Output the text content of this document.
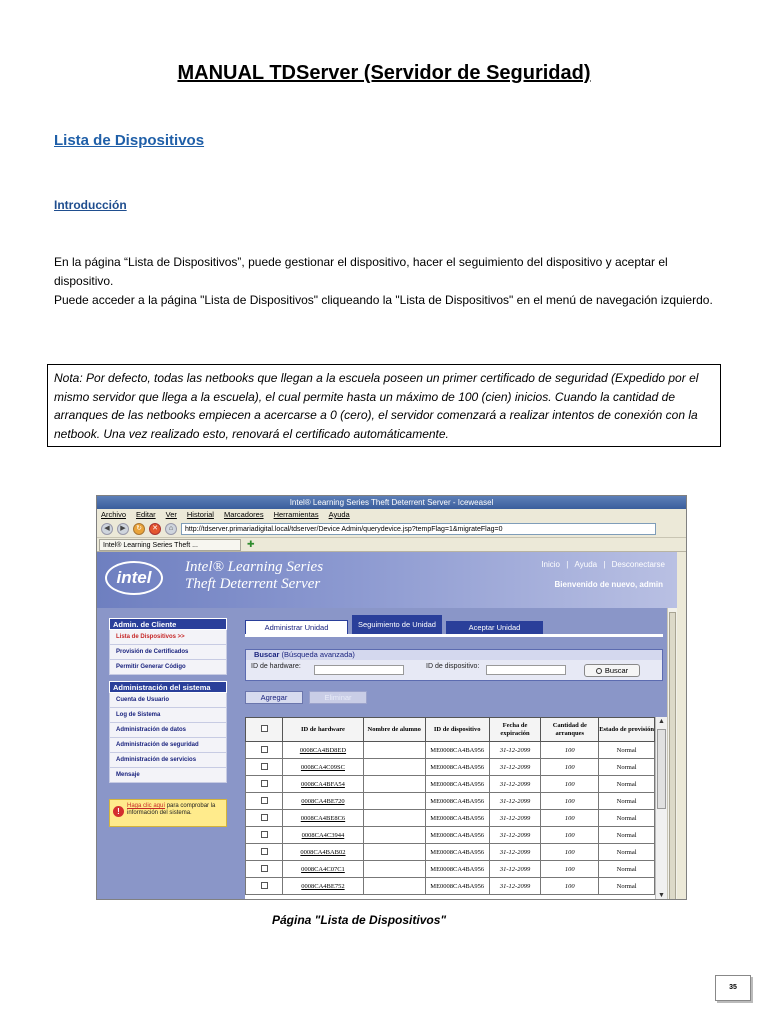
MANUAL TDServer (Servidor de Seguridad)
Lista de Dispositivos
Introducción
En la página “Lista de Dispositivos”, puede gestionar el dispositivo, hacer el seguimiento del dispositivo y aceptar el dispositivo.
Puede acceder a la página "Lista de Dispositivos" cliqueando la "Lista de Dispositivos" en el menú de navegación izquierdo.
Nota: Por defecto, todas las netbooks que llegan a la escuela poseen un primer certificado de seguridad (Expedido por el mismo servidor que llega a la escuela), el cual permite hasta un máximo de 100 (cien) inicios. Cuando la cantidad de arranques de las netbooks empiecen a acercarse a 0 (cero), el servidor comenzará a realizar intentos de conexión con la netbook. Una vez realizado esto, renovará el certificado automáticamente.
Intel® Learning Series Theft Deterrent Server - Iceweasel
Archivo Editar Ver Historial Marcadores Herramientas Ayuda
◀	▶	↻	✕	⌂	http://tdserver.primariadigital.local/tdserver/Device Admin/querydevice.jsp?tempFlag=1&migrateFlag=0
Intel® Learning Series Theft ...	✚
intel
Intel® Learning Series
Theft Deterrent Server
Inicio | Ayuda | Desconectarse
Bienvenido de nuevo, admin
Admin. de Cliente
Lista de Dispositivos >>
Provisión de Certificados
Permitir Generar Código
Administración del sistema
Cuenta de Usuario
Log de Sistema
Administración de datos
Administración de seguridad
Administración de servicios
Mensaje
!
Haga clic aquí para comprobar la información del sistema.
Administrar Unidad	Seguimiento de Unidad	Aceptar Unidad
Buscar (Búsqueda avanzada)
ID de hardware:	ID de dispositivo:	Buscar
Agregar	Eliminar
	ID de hardware	Nombre de alumno	ID de dispositivo	Fecha de expiración	Cantidad de arranques	Estado de provisión
	0008CA4BD8ED		ME0008CA4BA956	31-12-2099	100	Normal
	0008CA4C09SC		ME0008CA4BA956	31-12-2099	100	Normal
	0008CA4BFA54		ME0008CA4BA956	31-12-2099	100	Normal
	0008CA4BE720		ME0008CA4BA956	31-12-2099	100	Normal
	0008CA4BE8C6		ME0008CA4BA956	31-12-2099	100	Normal
	0008CA4C3944		ME0008CA4BA956	31-12-2099	100	Normal
	0008CA4BAB02		ME0008CA4BA956	31-12-2099	100	Normal
	0008CA4C07C1		ME0008CA4BA956	31-12-2099	100	Normal
	0008CA4BE752		ME0008CA4BA956	31-12-2099	100	Normal
▲
▼
Página "Lista de Dispositivos"
35
